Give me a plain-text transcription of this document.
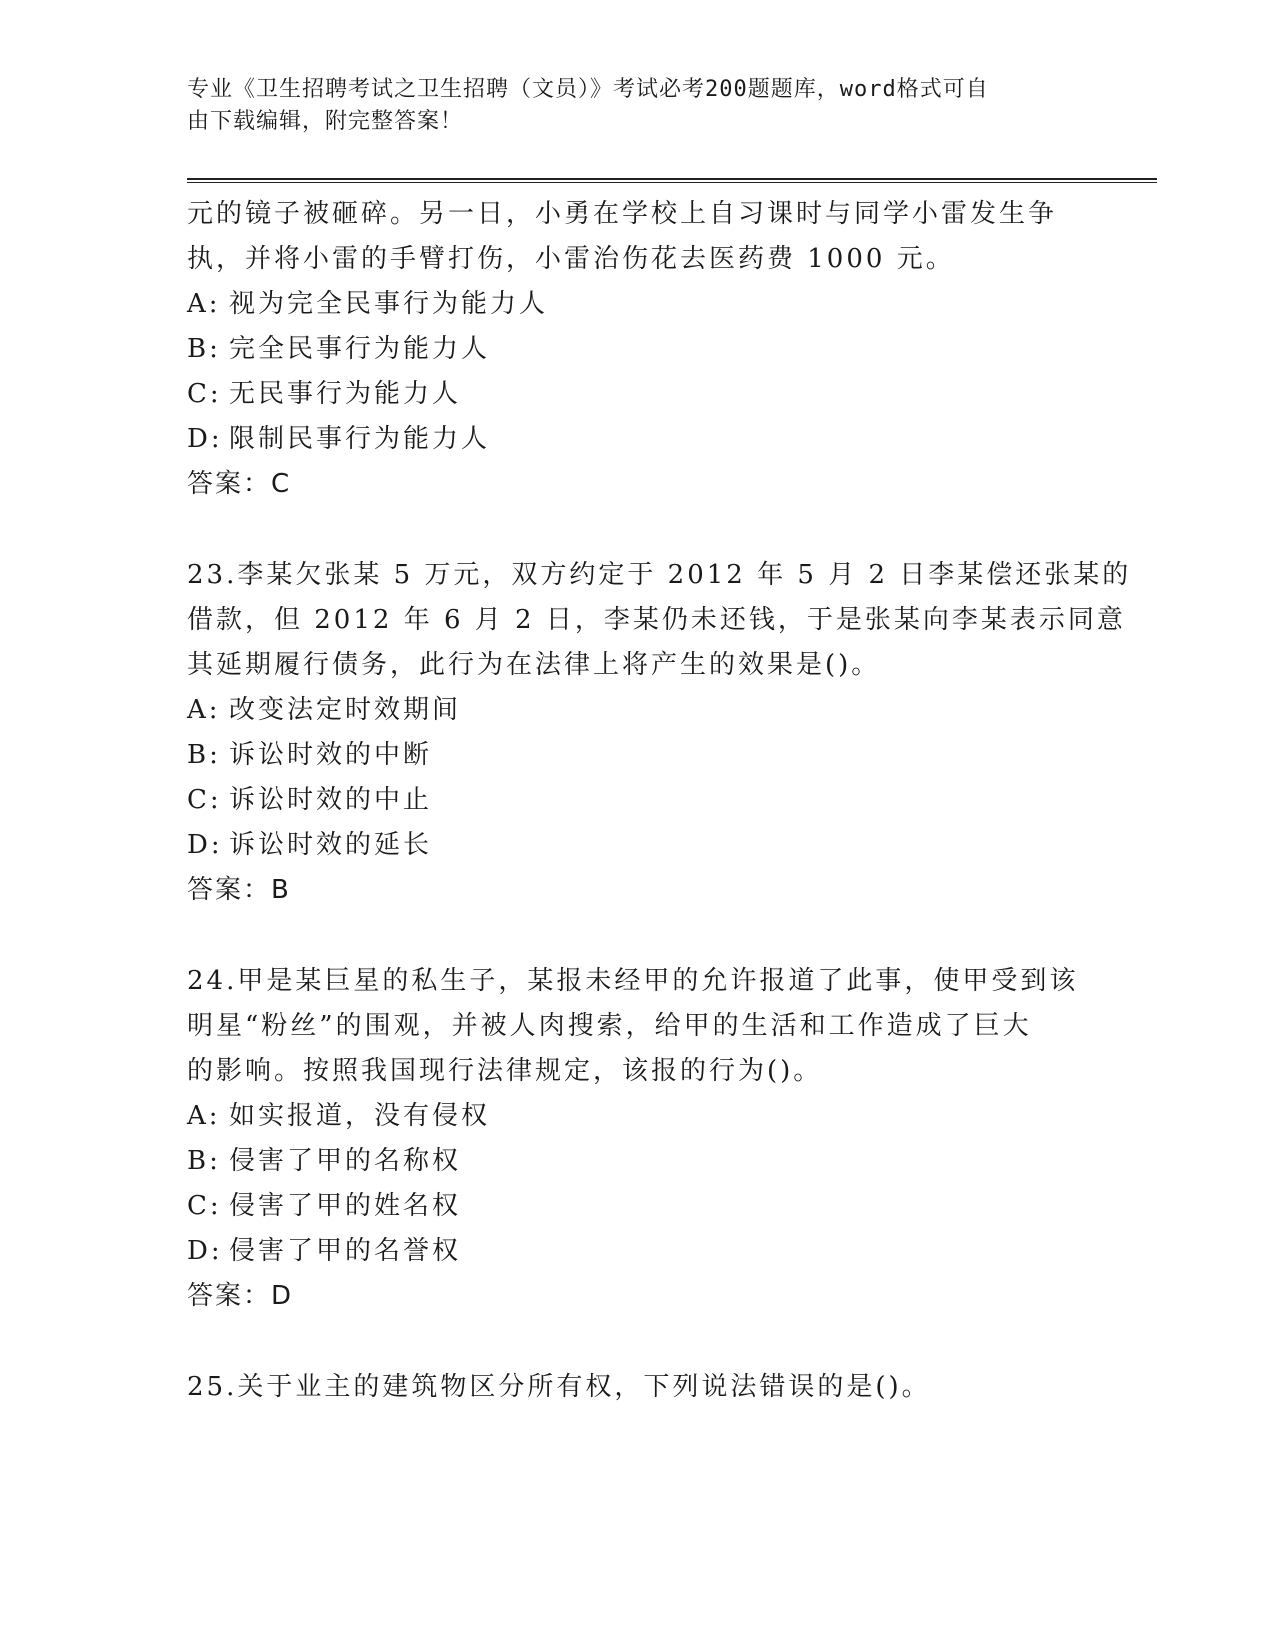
专业《卫生招聘考试之卫生招聘（文员）》考试必考200题题库，word格式可自
由下载编辑，附完整答案！
元的镜子被砸碎。另一日，小勇在学校上自习课时与同学小雷发生争
执，并将小雷的手臂打伤，小雷治伤花去医药费 1000 元。
A: 视为完全民事行为能力人
B: 完全民事行为能力人
C: 无民事行为能力人
D: 限制民事行为能力人
答案：C
23.李某欠张某 5 万元，双方约定于 2012 年 5 月 2 日李某偿还张某的
借款，但 2012 年 6 月 2 日，李某仍未还钱，于是张某向李某表示同意
其延期履行债务，此行为在法律上将产生的效果是()。
A: 改变法定时效期间
B: 诉讼时效的中断
C: 诉讼时效的中止
D: 诉讼时效的延长
答案：B
24.甲是某巨星的私生子，某报未经甲的允许报道了此事，使甲受到该
明星“粉丝”的围观，并被人肉搜索，给甲的生活和工作造成了巨大
的影响。按照我国现行法律规定，该报的行为()。
A: 如实报道，没有侵权
B: 侵害了甲的名称权
C: 侵害了甲的姓名权
D: 侵害了甲的名誉权
答案：D
25.关于业主的建筑物区分所有权，下列说法错误的是()。
